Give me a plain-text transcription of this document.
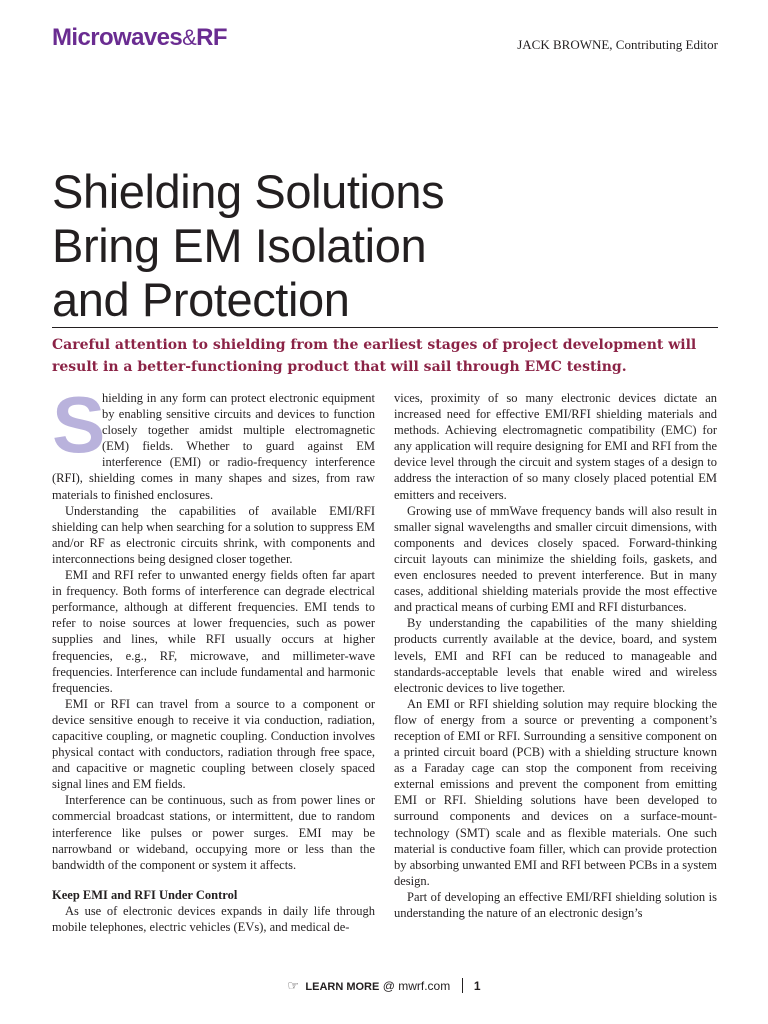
Microwaves&RF	JACK BROWNE, Contributing Editor
Shielding Solutions
Bring EM Isolation
and Protection

Careful attention to shielding from the earliest stages of project development will
result in a better-functioning product that will sail through EMC testing.

S

hielding in any form can protect electronic equipment by enabling sensitive circuits and devices to function closely together amidst multiple electromagnetic (EM) fields. Whether to guard against EM interference (EMI) or radio-frequency interference (RFI), shielding comes in many shapes and sizes, from raw materials to finished enclosures.

Understanding the capabilities of available EMI/RFI shielding can help when searching for a solution to suppress EM and/or RF as electronic circuits shrink, with components and interconnections being designed closer together.

EMI and RFI refer to unwanted energy fields often far apart in frequency. Both forms of interference can degrade electrical performance, although at different frequencies. EMI tends to refer to noise sources at lower frequencies, such as power supplies and lines, while RFI usually occurs at higher frequencies, e.g., RF, microwave, and millimeter-wave frequencies. Interference can include fundamental and harmonic frequencies.

EMI or RFI can travel from a source to a component or device sensitive enough to receive it via conduction, radiation, capacitive coupling, or magnetic coupling. Conduction involves physical contact with conductors, radiation through free space, and capacitive or magnetic coupling between closely spaced signal lines and EM fields.

Interference can be continuous, such as from power lines or commercial broadcast stations, or intermittent, due to random interference like pulses or power surges. EMI may be narrowband or wideband, occupying more or less than the bandwidth of the component or system it affects.

Keep EMI and RFI Under Control

As use of electronic devices expands in daily life through mobile telephones, electric vehicles (EVs), and medical de-

vices, proximity of so many electronic devices dictate an increased need for effective EMI/RFI shielding materials and methods. Achieving electromagnetic compatibility (EMC) for any application will require designing for EMI and RFI from the device level through the circuit and system stages of a design to address the interaction of so many closely placed potential EM emitters and receivers.

Growing use of mmWave frequency bands will also result in smaller signal wavelengths and smaller circuit dimensions, with components and devices closely spaced. Forward-thinking circuit layouts can minimize the shielding foils, gaskets, and even enclosures needed to prevent interference. But in many cases, additional shielding materials provide the most effective and practical means of curbing EMI and RFI disturbances.

By understanding the capabilities of the many shielding products currently available at the device, board, and system levels, EMI and RFI can be reduced to manageable and standards-acceptable levels that enable wired and wireless electronic devices to live together.

An EMI or RFI shielding solution may require blocking the flow of energy from a source or preventing a component’s reception of EMI or RFI. Surrounding a sensitive component on a printed circuit board (PCB) with a shielding structure known as a Faraday cage can stop the component from receiving external emissions and prevent the component from emitting EMI or RFI. Shielding solutions have been developed to surround components and devices on a surface-mount-technology (SMT) scale and as flexible materials. One such material is conductive foam filler, which can provide protection by absorbing unwanted EMI and RFI between PCBs in a system design.

Part of developing an effective EMI/RFI shielding solution is understanding the nature of an electronic design’s

☞ LEARN MORE @ mwrf.com 1
